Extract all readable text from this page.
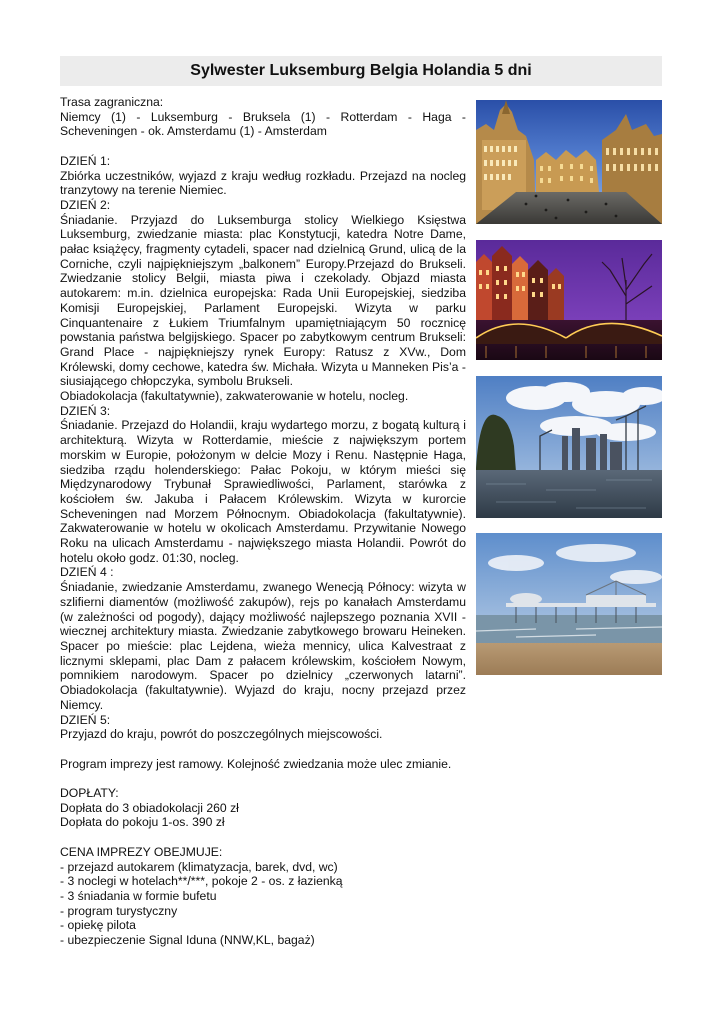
Sylwester Luksemburg Belgia Holandia 5 dni

Trasa zagraniczna:

Niemcy (1) - Luksemburg - Bruksela (1) - Rotterdam - Haga - Scheveningen - ok. Amsterdamu (1) - Amsterdam

DZIEŃ 1:

Zbiórka uczestników, wyjazd z kraju według rozkładu. Przejazd na nocleg tranzytowy na terenie Niemiec.

DZIEŃ 2:

Śniadanie. Przyjazd do Luksemburga stolicy Wielkiego Księstwa Luksemburg, zwiedzanie miasta: plac Konstytucji, katedra Notre Dame, pałac książęcy, fragmenty cytadeli, spacer nad dzielnicą Grund, ulicą de la Corniche, czyli najpiękniejszym „balkonem” Europy.Przejazd do Brukseli. Zwiedzanie stolicy Belgii, miasta piwa i czekolady. Objazd miasta autokarem: m.in. dzielnica europejska: Rada Unii Europejskiej, siedziba Komisji Europejskiej, Parlament Europejski. Wizyta w parku Cinquantenaire z Łukiem Triumfalnym upamiętniającym 50 rocznicę powstania państwa belgijskiego. Spacer po zabytkowym centrum Brukseli: Grand Place - najpiękniejszy rynek Europy: Ratusz z XVw., Dom Królewski, domy cechowe, katedra św. Michała. Wizyta u Manneken Pis’a - siusiającego chłopczyka, symbolu Brukseli.

Obiadokolacja (fakultatywnie), zakwaterowanie w hotelu, nocleg.

DZIEŃ 3:

Śniadanie. Przejazd do Holandii, kraju wydartego morzu, z bogatą kulturą i architekturą. Wizyta w Rotterdamie, mieście z największym portem morskim w Europie, położonym w delcie Mozy i Renu. Następnie Haga, siedziba rządu holenderskiego: Pałac Pokoju, w którym mieści się Międzynarodowy Trybunał Sprawiedliwości, Parlament, starówka z kościołem św. Jakuba i Pałacem Królewskim. Wizyta w kurorcie Scheveningen nad Morzem Północnym. Obiadokolacja (fakultatywnie). Zakwaterowanie w hotelu w okolicach Amsterdamu. Przywitanie Nowego Roku na ulicach Amsterdamu - największego miasta Holandii. Powrót do hotelu około godz. 01:30, nocleg.

DZIEŃ 4 :

Śniadanie, zwiedzanie Amsterdamu, zwanego Wenecją Północy: wizyta w szlifierni diamentów (możliwość zakupów), rejs po kanałach Amsterdamu (w zależności od pogody), dający możliwość najlepszego poznania XVII - wiecznej architektury miasta. Zwiedzanie zabytkowego browaru Heineken. Spacer po mieście: plac Lejdena, wieża mennicy, ulica Kalvestraat z licznymi sklepami, plac Dam z pałacem królewskim, kościołem Nowym, pomnikiem narodowym. Spacer po dzielnicy „czerwonych latarni”. Obiadokolacja (fakultatywnie). Wyjazd do kraju, nocny przejazd przez Niemcy.

DZIEŃ 5:

Przyjazd do kraju, powrót do poszczególnych miejscowości.

Program imprezy jest ramowy. Kolejność zwiedzania może ulec zmianie.

DOPŁATY:

Dopłata do 3 obiadokolacji 260 zł

Dopłata do pokoju 1-os. 390 zł

CENA IMPREZY OBEJMUJE:

- przejazd autokarem (klimatyzacja, barek, dvd, wc)

- 3 noclegi w hotelach**/***, pokoje 2 - os. z łazienką

- 3 śniadania w formie bufetu

- program turystyczny

- opiekę pilota

- ubezpieczenie Signal Iduna (NNW,KL, bagaż)
